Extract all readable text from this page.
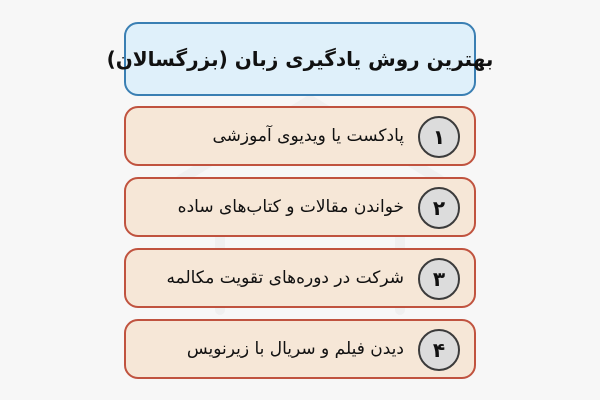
بهترین روش یادگیری زبان (بزرگسالان)
۱
پادکست یا ویدیوی آموزشی
۲
خواندن مقالات و کتاب‌های ساده
۳
شرکت در دوره‌های تقویت مکالمه
۴
دیدن فیلم و سریال با زیرنویس
